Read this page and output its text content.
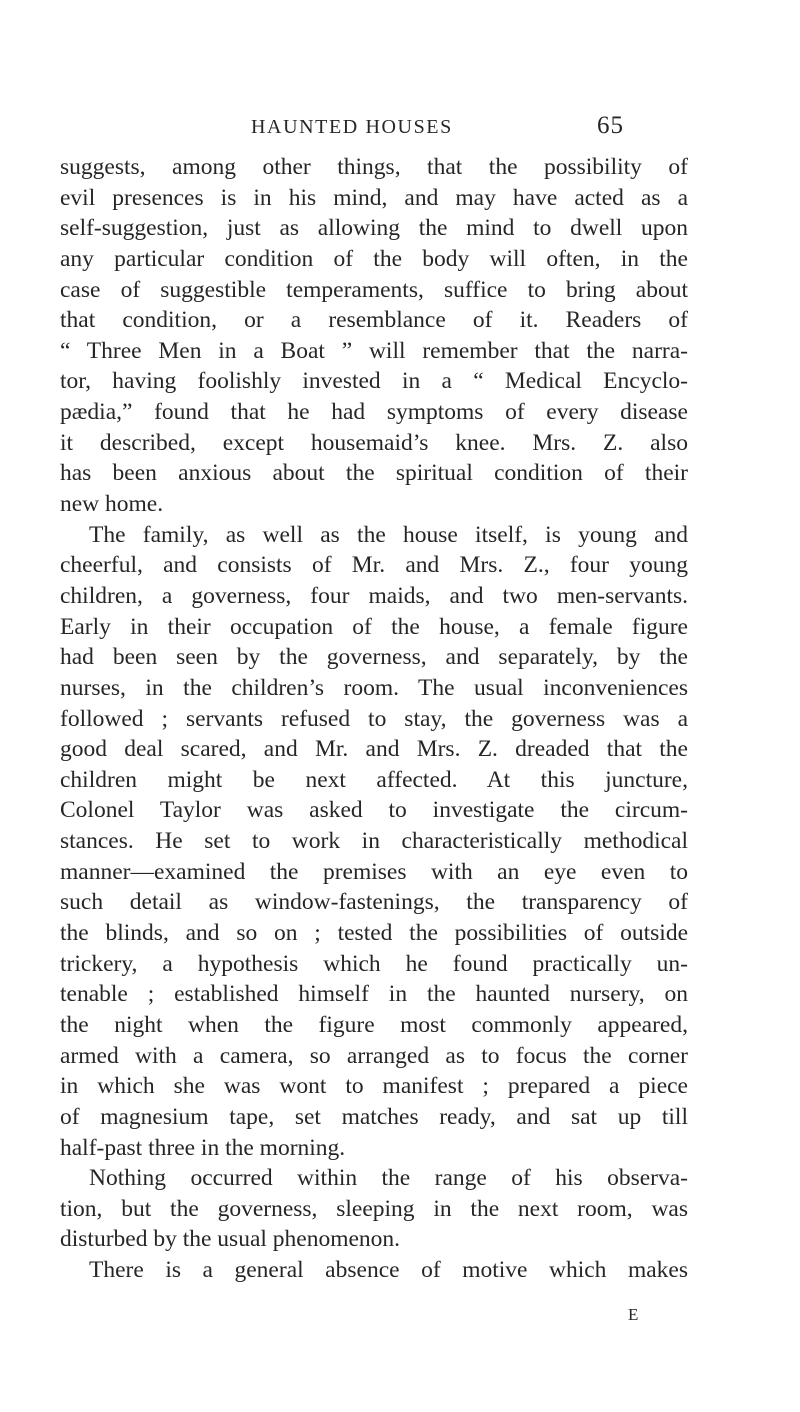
HAUNTED HOUSES	65
suggests, among other things, that the possibility of
evil presences is in his mind, and may have acted as a
self-suggestion, just as allowing the mind to dwell upon
any particular condition of the body will often, in the
case of suggestible temperaments, suffice to bring about
that condition, or a resemblance of it. Readers of
“ Three Men in a Boat ” will remember that the narra-
tor, having foolishly invested in a “ Medical Encyclo-
pædia,” found that he had symptoms of every disease
it described, except housemaid’s knee. Mrs. Z. also
has been anxious about the spiritual condition of their
new home.
The family, as well as the house itself, is young and
cheerful, and consists of Mr. and Mrs. Z., four young
children, a governess, four maids, and two men-servants.
Early in their occupation of the house, a female figure
had been seen by the governess, and separately, by the
nurses, in the children’s room. The usual inconveniences
followed ; servants refused to stay, the governess was a
good deal scared, and Mr. and Mrs. Z. dreaded that the
children might be next affected. At this juncture,
Colonel Taylor was asked to investigate the circum-
stances. He set to work in characteristically methodical
manner—examined the premises with an eye even to
such detail as window-fastenings, the transparency of
the blinds, and so on ; tested the possibilities of outside
trickery, a hypothesis which he found practically un-
tenable ; established himself in the haunted nursery, on
the night when the figure most commonly appeared,
armed with a camera, so arranged as to focus the corner
in which she was wont to manifest ; prepared a piece
of magnesium tape, set matches ready, and sat up till
half-past three in the morning.
Nothing occurred within the range of his observa-
tion, but the governess, sleeping in the next room, was
disturbed by the usual phenomenon.
There is a general absence of motive which makes
E
